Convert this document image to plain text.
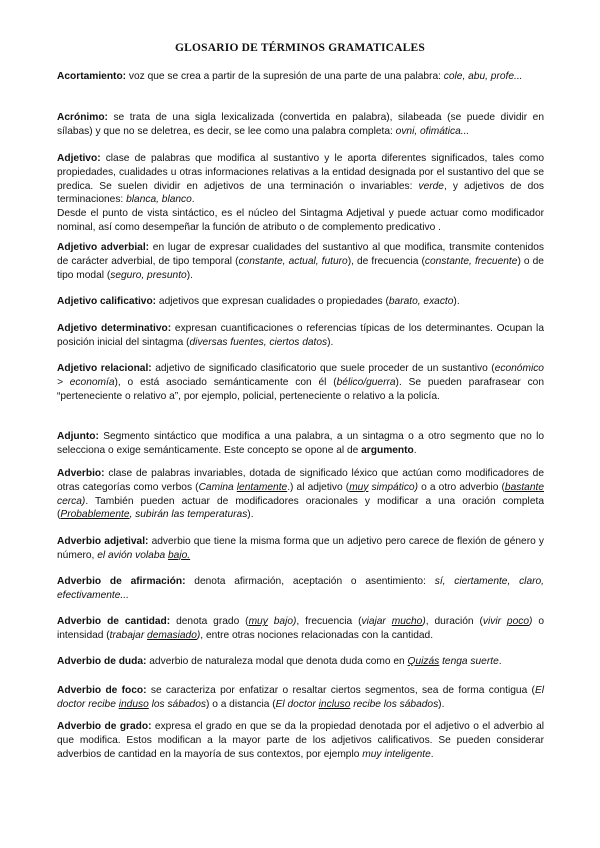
GLOSARIO DE TÉRMINOS GRAMATICALES

Acortamiento: voz que se crea a partir de la supresión de una parte de una palabra: cole, abu, profe...

Acrónimo: se trata de una sigla lexicalizada (convertida en palabra), silabeada (se puede dividir en sílabas) y que no se deletrea, es decir, se lee como una palabra completa: ovni, ofimática...

Adjetivo: clase de palabras que modifica al sustantivo y le aporta diferentes significados, tales como propiedades, cualidades u otras informaciones relativas a la entidad designada por el sustantivo del que se predica. Se suelen dividir en adjetivos de una terminación o invariables: verde, y adjetivos de dos terminaciones: blanca, blanco.
Desde el punto de vista sintáctico, es el núcleo del Sintagma Adjetival y puede actuar como modificador nominal, así como desempeñar la función de atributo o de complemento predicativo .

Adjetivo adverbial: en lugar de expresar cualidades del sustantivo al que modifica, transmite contenidos de carácter adverbial, de tipo temporal (constante, actual, futuro), de frecuencia (constante, frecuente) o de tipo modal (seguro, presunto).

Adjetivo calificativo: adjetivos que expresan cualidades o propiedades (barato, exacto).

Adjetivo determinativo: expresan cuantificaciones o referencias típicas de los determinantes. Ocupan la posición inicial del sintagma (diversas fuentes, ciertos datos).

Adjetivo relacional: adjetivo de significado clasificatorio que suele proceder de un sustantivo (económico > economía), o está asociado semánticamente con él (bélico/guerra). Se pueden parafrasear con “perteneciente o relativo a”, por ejemplo, policial, perteneciente o relativo a la policía.

Adjunto: Segmento sintáctico que modifica a una palabra, a un sintagma o a otro segmento que no lo selecciona o exige semánticamente. Este concepto se opone al de argumento.

Adverbio: clase de palabras invariables, dotada de significado léxico que actúan como modificadores de otras categorías como verbos (Camina lentamente.) al adjetivo (muy simpático) o a otro adverbio (bastante cerca). También pueden actuar de modificadores oracionales y modificar a una oración completa (Probablemente, subirán las temperaturas).

Adverbio adjetival: adverbio que tiene la misma forma que un adjetivo pero carece de flexión de género y número, el avión volaba bajo.

Adverbio de afirmación: denota afirmación, aceptación o asentimiento: sí, ciertamente, claro, efectivamente...

Adverbio de cantidad: denota grado (muy bajo), frecuencia (viajar mucho), duración (vivir poco) o intensidad (trabajar demasiado), entre otras nociones relacionadas con la cantidad.

Adverbio de duda: adverbio de naturaleza modal que denota duda como en Quizás tenga suerte.

Adverbio de foco: se caracteriza por enfatizar o resaltar ciertos segmentos, sea de forma contigua (El doctor recibe induso los sábados) o a distancia (El doctor incluso recibe los sábados).

Adverbio de grado: expresa el grado en que se da la propiedad denotada por el adjetivo o el adverbio al que modifica. Estos modifican a la mayor parte de los adjetivos calificativos. Se pueden considerar adverbios de cantidad en la mayoría de sus contextos, por ejemplo muy inteligente.
